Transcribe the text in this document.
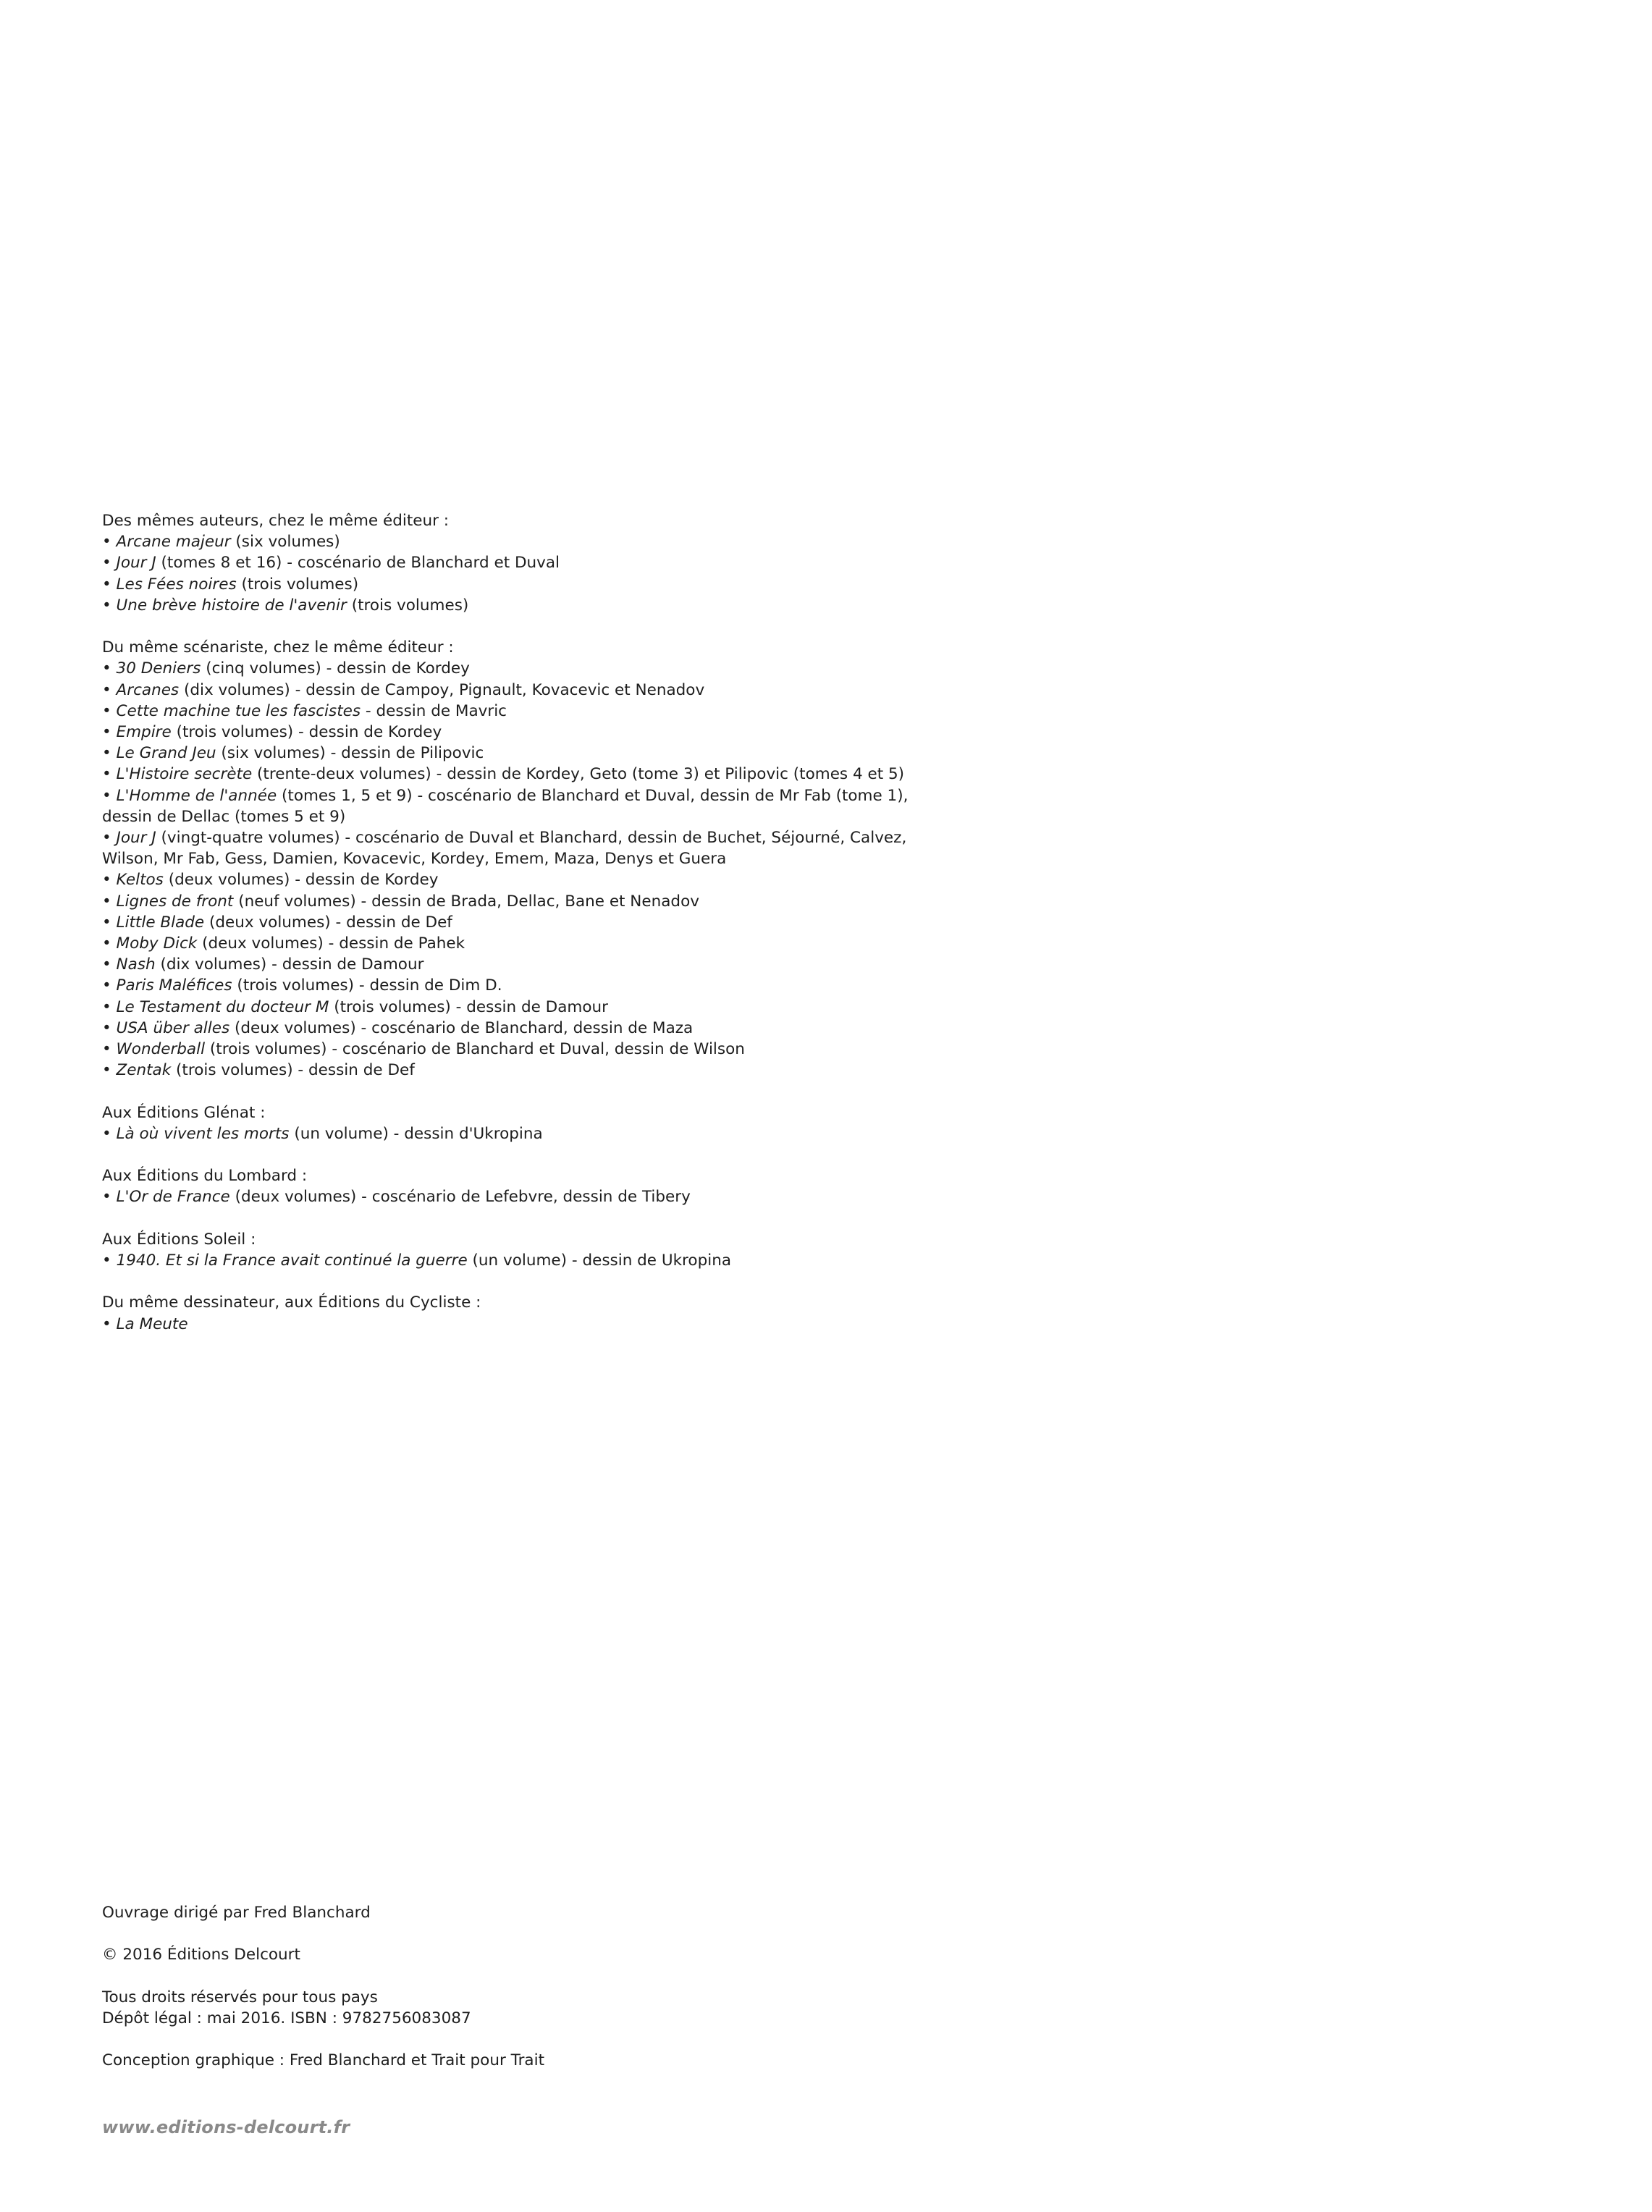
Des mêmes auteurs, chez le même éditeur :
• Arcane majeur (six volumes)
• Jour J (tomes 8 et 16) - coscénario de Blanchard et Duval
• Les Fées noires (trois volumes)
• Une brève histoire de l'avenir (trois volumes)
Du même scénariste, chez le même éditeur :
• 30 Deniers (cinq volumes) - dessin de Kordey
• Arcanes (dix volumes) - dessin de Campoy, Pignault, Kovacevic et Nenadov
• Cette machine tue les fascistes - dessin de Mavric
• Empire (trois volumes) - dessin de Kordey
• Le Grand Jeu (six volumes) - dessin de Pilipovic
• L'Histoire secrète (trente-deux volumes) - dessin de Kordey, Geto (tome 3) et Pilipovic (tomes 4 et 5)
• L'Homme de l'année (tomes 1, 5 et 9) - coscénario de Blanchard et Duval, dessin de Mr Fab (tome 1), dessin de Dellac (tomes 5 et 9)
• Jour J (vingt-quatre volumes) - coscénario de Duval et Blanchard, dessin de Buchet, Séjourné, Calvez, Wilson, Mr Fab, Gess, Damien, Kovacevic, Kordey, Emem, Maza, Denys et Guera
• Keltos (deux volumes) - dessin de Kordey
• Lignes de front (neuf volumes) - dessin de Brada, Dellac, Bane et Nenadov
• Little Blade (deux volumes) - dessin de Def
• Moby Dick (deux volumes) - dessin de Pahek
• Nash (dix volumes) - dessin de Damour
• Paris Maléfices (trois volumes) - dessin de Dim D.
• Le Testament du docteur M (trois volumes) - dessin de Damour
• USA über alles (deux volumes) - coscénario de Blanchard, dessin de Maza
• Wonderball (trois volumes) - coscénario de Blanchard et Duval, dessin de Wilson
• Zentak (trois volumes) - dessin de Def
Aux Éditions Glénat :
• Là où vivent les morts (un volume) - dessin d'Ukropina
Aux Éditions du Lombard :
• L'Or de France (deux volumes) - coscénario de Lefebvre, dessin de Tibery
Aux Éditions Soleil :
• 1940. Et si la France avait continué la guerre (un volume) - dessin de Ukropina
Du même dessinateur, aux Éditions du Cycliste :
• La Meute
Ouvrage dirigé par Fred Blanchard
© 2016 Éditions Delcourt
Tous droits réservés pour tous pays
Dépôt légal : mai 2016. ISBN : 9782756083087
Conception graphique : Fred Blanchard et Trait pour Trait
www.editions-delcourt.fr
